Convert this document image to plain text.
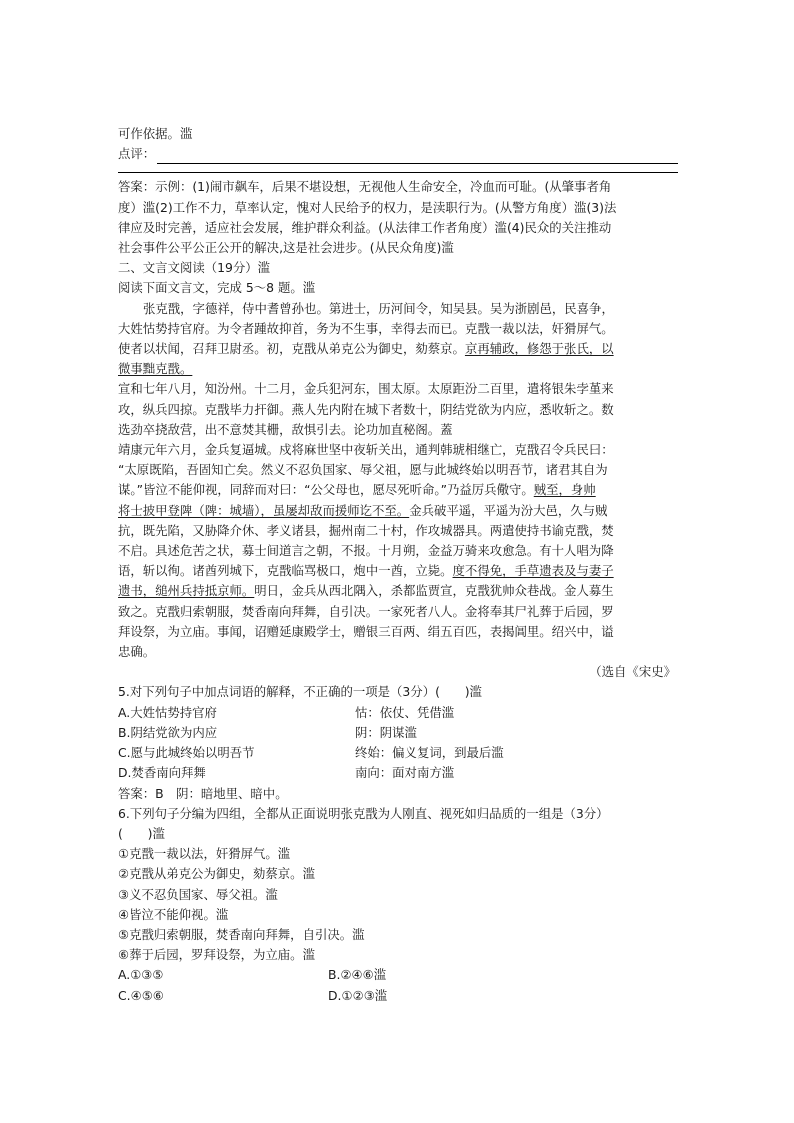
可作依据。滥
点评：
答案：示例：(1)闹市飙车，后果不堪设想，无视他人生命安全，冷血而可耻。(从肇事者角
度）滥(2)工作不力，草率认定，愧对人民给予的权力，是渎职行为。(从警方角度）滥(3)法
律应及时完善，适应社会发展，维护群众利益。(从法律工作者角度）滥(4)民众的关注推动
社会事件公平公正公开的解决,这是社会进步。(从民众角度)滥
二、文言文阅读（19分）滥
阅读下面文言文，完成 5～8 题。滥
张克戬，字德祥，侍中耆曾孙也。第进士，历河间令，知吴县。吴为浙剧邑，民喜争，
大姓怙势持官府。为令者踵故抑首，务为不生事，幸得去而已。克戬一裁以法，奸猾屏气。
使者以状闻，召拜卫尉丞。初，克戬从弟克公为御史，劾蔡京。京再辅政，修怨于张氏，以
微事黜克戬。
宣和七年八月，知汾州。十二月，金兵犯河东，围太原。太原距汾二百里，遣将银朱孛堇来
攻，纵兵四掠。克戬毕力扞御。燕人先内附在城下者数十，阴结党欲为内应，悉收斩之。数
选劲卒挠敌营，出不意焚其栅，敌惧引去。论功加直秘阁。蓋
靖康元年六月，金兵复逼城。戍将麻世坚中夜斩关出，通判韩琥相继亡，克戬召令兵民曰：
“太原既陷，吾固知亡矣。然义不忍负国家、辱父祖，愿与此城终始以明吾节，诸君其自为
谋。”皆泣不能仰视，同辞而对曰：“公父母也，愿尽死听命。”乃益厉兵儆守。贼至，身帅
将士披甲登陴（陴：城墙），虽屡却敌而援师讫不至。金兵破平遥，平遥为汾大邑，久与贼
抗，既先陷，又胁降介休、孝义诸县，掘州南二十村，作攻城器具。两遣使持书谕克戬，焚
不启。具述危苦之状，募士间道言之朝，不报。十月朔，金益万骑来攻愈急。有十人唱为降
语，斩以徇。诸酋列城下，克戬临骂极口，炮中一酋，立毙。度不得免，手草遗表及与妻子
遗书，缒州兵持抵京师。明日，金兵从西北隅入，杀都监贾宣，克戬犹帅众巷战。金人募生
致之。克戬归索朝服，焚香南向拜舞，自引决。一家死者八人。金将奉其尸礼葬于后园，罗
拜设祭，为立庙。事闻，诏赠延康殿学士，赠银三百两、绢五百匹，表揭阊里。绍兴中，谥
忠确。
（选自《宋史》
5.对下列句子中加点词语的解释，不正确的一项是（3分）(　　)滥
A.大姓怙势持官府	怙：依仗、凭借滥
B.阴结党欲为内应	阴：阴谋滥
C.愿与此城终始以明吾节	终始：偏义复词，到最后滥
D.焚香南向拜舞	南向：面对南方滥
答案：B　阴：暗地里、暗中。
6.下列句子分编为四组，全都从正面说明张克戬为人刚直、视死如归品质的一组是（3分）
(　　)滥
①克戬一裁以法，奸猾屏气。滥
②克戬从弟克公为御史，劾蔡京。滥
③义不忍负国家、辱父祖。滥
④皆泣不能仰视。滥
⑤克戬归索朝服，焚香南向拜舞，自引决。滥
⑥葬于后园，罗拜设祭，为立庙。滥
A.①③⑤	B.②④⑥滥
C.④⑤⑥	D.①②③滥
